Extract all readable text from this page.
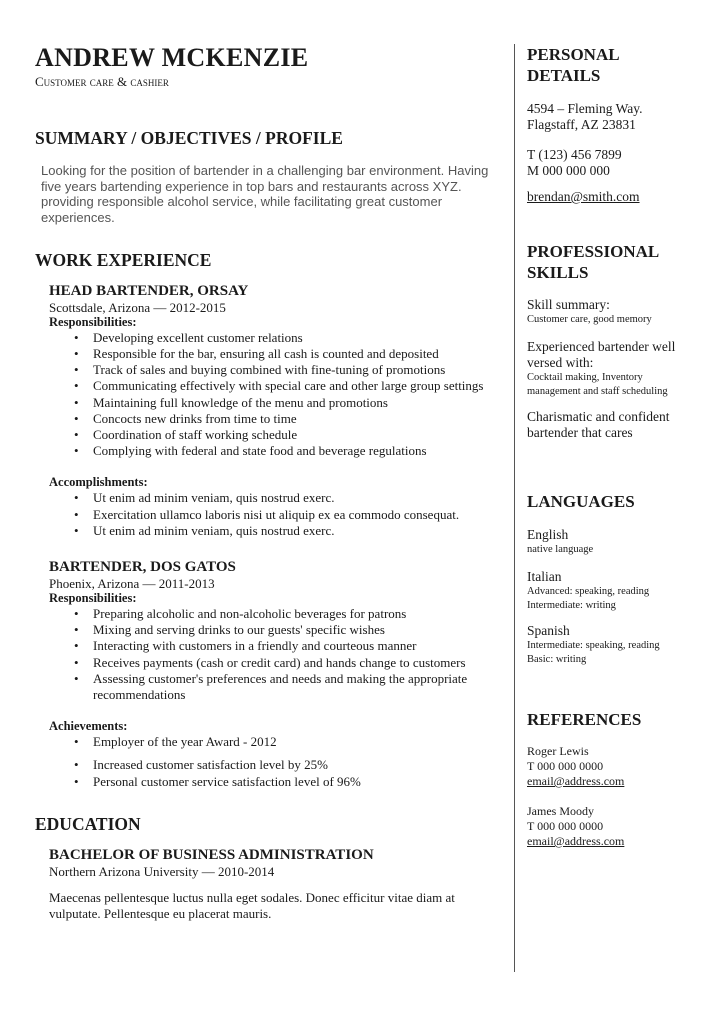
ANDREW MCKENZIE
Customer care & cashier
SUMMARY / OBJECTIVES / PROFILE
Looking for the position of bartender in a challenging bar environment. Having five years bartending experience in top bars and restaurants across XYZ. providing responsible alcohol service, while facilitating great customer experiences.
WORK EXPERIENCE
HEAD BARTENDER, ORSAY
Scottsdale, Arizona — 2012-2015
Responsibilities:
• Developing excellent customer relations
• Responsible for the bar, ensuring all cash is counted and deposited
• Track of sales and buying combined with fine-tuning of promotions
• Communicating effectively with special care and other large group settings
• Maintaining full knowledge of the menu and promotions
• Concocts new drinks from time to time
• Coordination of staff working schedule
• Complying with federal and state food and beverage regulations
Accomplishments:
• Ut enim ad minim veniam, quis nostrud exerc.
• Exercitation ullamco laboris nisi ut aliquip ex ea commodo consequat.
• Ut enim ad minim veniam, quis nostrud exerc.
BARTENDER, DOS GATOS
Phoenix, Arizona — 2011-2013
Responsibilities:
• Preparing alcoholic and non-alcoholic beverages for patrons
• Mixing and serving drinks to our guests' specific wishes
• Interacting with customers in a friendly and courteous manner
• Receives payments (cash or credit card) and hands change to customers
• Assessing customer's preferences and needs and making the appropriate recommendations
Achievements:
• Employer of the year Award - 2012
• Increased customer satisfaction level by 25%
• Personal customer service satisfaction level of 96%
EDUCATION
BACHELOR OF BUSINESS ADMINISTRATION
Northern Arizona University — 2010-2014
Maecenas pellentesque luctus nulla eget sodales. Donec efficitur vitae diam at vulputate. Pellentesque eu placerat mauris.
PERSONAL
DETAILS
4594 – Fleming Way.
Flagstaff, AZ 23831
T (123) 456 7899
M 000 000 000
brendan@smith.com
PROFESSIONAL
SKILLS
Skill summary:
Customer care, good memory
Experienced bartender well
versed with:
Cocktail making, Inventory
management and staff scheduling
Charismatic and confident
bartender that cares
LANGUAGES
English
native language
Italian
Advanced: speaking, reading
Intermediate: writing
Spanish
Intermediate: speaking, reading
Basic: writing
REFERENCES
Roger Lewis
T 000 000 0000
email@address.com
James Moody
T 000 000 0000
email@address.com
